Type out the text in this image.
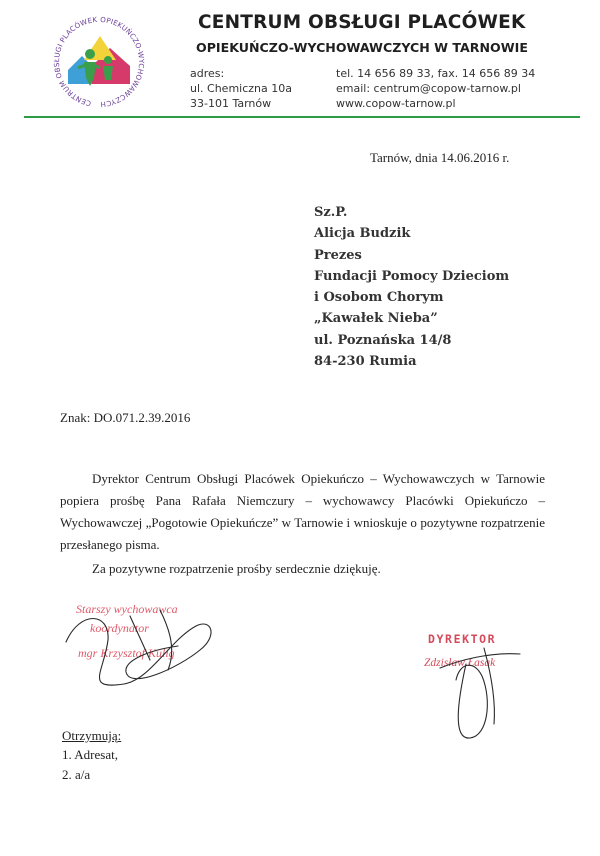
CENTRUM OBSŁUGI PLACÓWEK OPIEKUŃCZO-WYCHOWAWCZYCH
CENTRUM OBSŁUGI PLACÓWEK
OPIEKUŃCZO-WYCHOWAWCZYCH W TARNOWIE
adres:
ul. Chemiczna 10a
33-101 Tarnów
tel. 14 656 89 33, fax. 14 656 89 34
email: centrum@copow-tarnow.pl
www.copow-tarnow.pl
Tarnów, dnia 14.06.2016 r.
Sz.P.
Alicja Budzik
Prezes
Fundacji Pomocy Dzieciom
i Osobom Chorym
„Kawałek Nieba”
ul. Poznańska 14/8
84-230 Rumia
Znak: DO.071.2.39.2016
Dyrektor Centrum Obsługi Placówek Opiekuńczo – Wychowawczych w Tarnowie popiera prośbę Pana Rafała Niemczury – wychowawcy Placówki Opiekuńczo – Wychowawczej „Pogotowie Opiekuńcze” w Tarnowie i wnioskuje o pozytywne rozpatrzenie przesłanego pisma.
Za pozytywne rozpatrzenie prośby serdecznie dziękuję.
Starszy wychowawca
koordynator
mgr Krzysztof Kulig
DYREKTOR
Zdzisław Łasak
Otrzymują:
1. Adresat,
2. a/a
